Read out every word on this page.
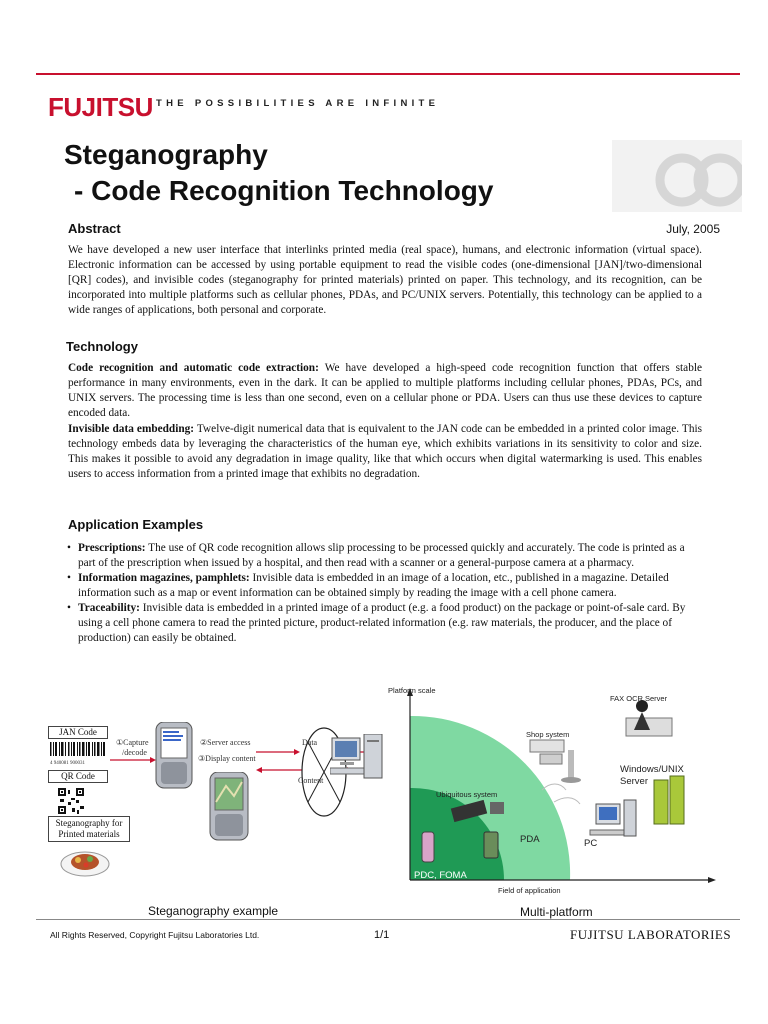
FUJITSU THE POSSIBILITIES ARE INFINITE
Steganography
- Code Recognition Technology
Abstract	July, 2005
We have developed a new user interface that interlinks printed media (real space), humans, and electronic information (virtual space). Electronic information can be accessed by using portable equipment to read the visible codes (one-dimensional [JAN]/two-dimensional [QR] codes), and invisible codes (steganography for printed materials) printed on paper. This technology, and its recognition, can be incorporated into multiple platforms such as cellular phones, PDAs, and PC/UNIX servers. Potentially, this technology can be applied to a wide ranges of applications, both personal and corporate.
Technology
Code recognition and automatic code extraction: We have developed a high-speed code recognition function that offers stable performance in many environments, even in the dark. It can be applied to multiple platforms including cellular phones, PDAs, PCs, and UNIX servers. The processing time is less than one second, even on a cellular phone or PDA. Users can thus use these devices to capture encoded data.
Invisible data embedding: Twelve-digit numerical data that is equivalent to the JAN code can be embedded in a printed color image. This technology embeds data by leveraging the characteristics of the human eye, which exhibits variations in its sensitivity to color and size. This makes it possible to avoid any degradation in image quality, like that which occurs when digital watermarking is used. This enables users to access information from a printed image that exhibits no degradation.
Application Examples
• Prescriptions: The use of QR code recognition allows slip processing to be processed quickly and accurately. The code is printed as a part of the prescription when issued by a hospital, and then read with a scanner or a general-purpose camera at a pharmacy.
• Information magazines, pamphlets: Invisible data is embedded in an image of a location, etc., published in a magazine. Detailed information such as a map or event information can be obtained simply by reading the image with a cell phone camera.
• Traceability: Invisible data is embedded in a printed image of a product (e.g. a food product) on the package or point-of-sale card. By using a cell phone camera to read the printed picture, product-related information (e.g. raw materials, the producer, and the place of production) can easily be obtained.
JAN Code
4 940081 900031
QR Code
Steganography for
Printed materials
①Capture
/decode
②Server access
③Display content
Data
Content
Platform scale
FAX OCR Server
Shop system
Windows/UNIX
Server
Ubiquitous system
PDA	PC
PDC, FOMA
Field of application
Steganography example	Multi-platform
All Rights Reserved, Copyright Fujitsu Laboratories Ltd.	1/1	FUJITSU LABORATORIES
